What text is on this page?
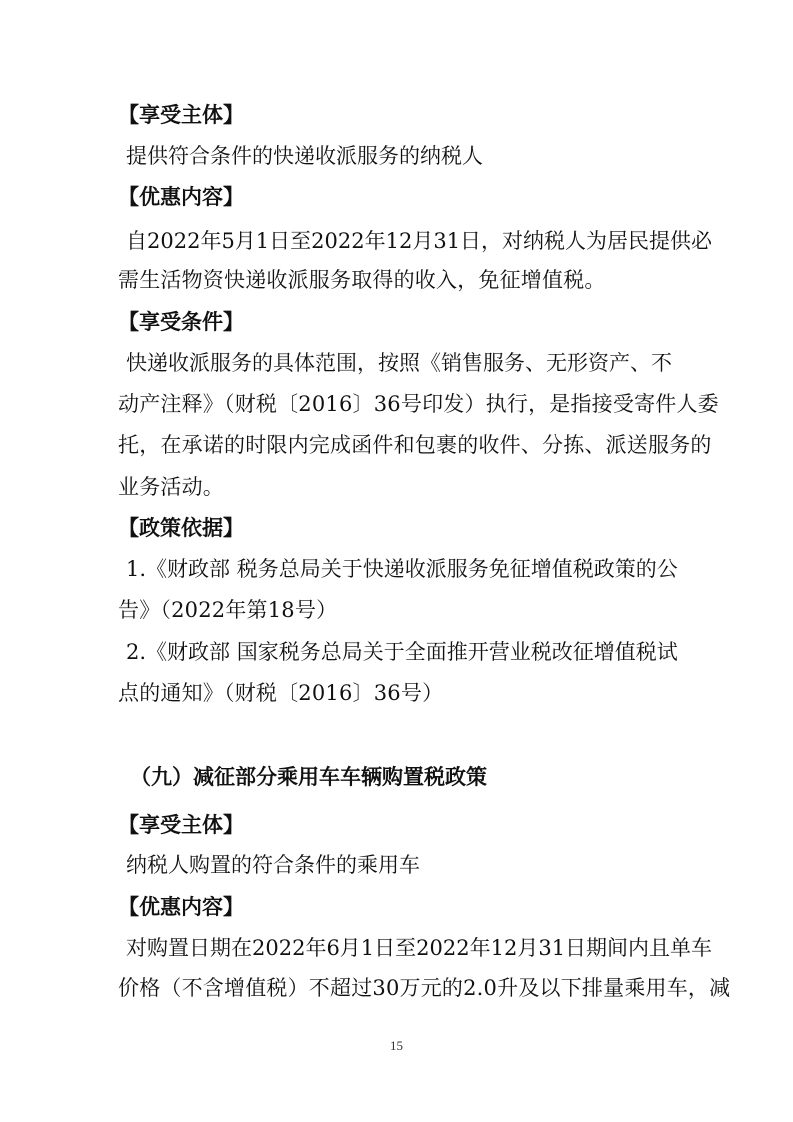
【享受主体】
提供符合条件的快递收派服务的纳税人
【优惠内容】
自2022年5月1日至2022年12月31日，对纳税人为居民提供必
需生活物资快递收派服务取得的收入，免征增值税。
【享受条件】
快递收派服务的具体范围，按照《销售服务、无形资产、不
动产注释》（财税〔2016〕36号印发）执行，是指接受寄件人委
托，在承诺的时限内完成函件和包裹的收件、分拣、派送服务的
业务活动。
【政策依据】
1.《财政部 税务总局关于快递收派服务免征增值税政策的公
告》（2022年第18号）
2.《财政部 国家税务总局关于全面推开营业税改征增值税试
点的通知》（财税〔2016〕36号）
（九）减征部分乘用车车辆购置税政策
【享受主体】
纳税人购置的符合条件的乘用车
【优惠内容】
对购置日期在2022年6月1日至2022年12月31日期间内且单车
价格（不含增值税）不超过30万元的2.0升及以下排量乘用车，减
15
